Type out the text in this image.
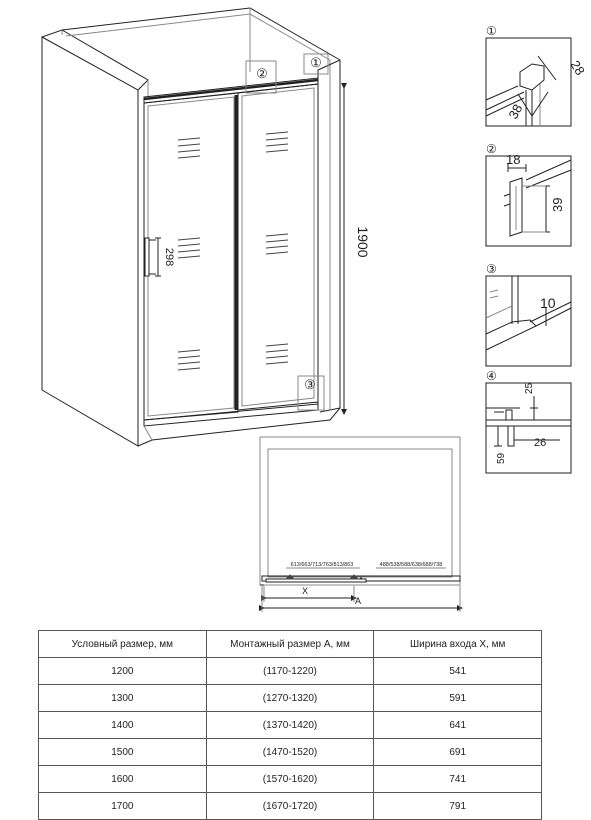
1900
298
②
①
③
①
28
38
②
18
39
③
10
④
25
26
59
613/663/713/763/813/863	488/538/588/638/688/738
X
A
Условный размер, мм	Монтажный размер A, мм	Ширина входа X, мм
1200	(1170-1220)	541
1300	(1270-1320)	591
1400	(1370-1420)	641
1500	(1470-1520)	691
1600	(1570-1620)	741
1700	(1670-1720)	791
